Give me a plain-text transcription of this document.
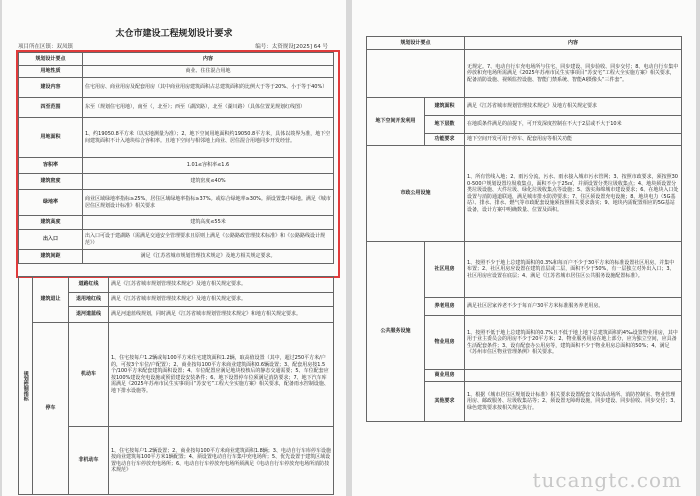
太仓市建设工程规划设计要求
项目所在区镇：双凤镇	编号：太资规设[2025] 64 号
规划设计要点	内容
用地性质	商业、住住混合用地
建设内容	住宅用房、商业用房及配套用房（其中商业用房建筑面积占总建筑面积的比例大于等于20%、小于等于40%）
四至范围	东至（规划住宅用地），南至（，北至）；西至（湖滨路），北至（湖川路）（具体位置见规划红线图）
用地面积	1、约19050.8平方米（以实地测量为准）；2、地下空间用地面积约19050.8平方米，具体以竣界为准，地下空间建筑面积不计入地块综合容积率。且地下空间与相邻地上商业、居住混合用地同步开发经营。
容积率	1.01≤容积率≤1.6
建筑密度	建筑密度≤40%
绿地率	商业区域绿地率指标≥25%，居住区域绿地率指标≥37%。或综合绿地率≥30%。须设置集中绿地。满足《城市居住区规划设计标准》相关要求
建筑高度	建筑高度≤55米
出入口	出入口可设于建湖路（需满足交通安全管理要求且原则上满足《公路路政管理技术标准》和《公路路线设计规范》）
建筑间距	满足《江苏省城市规划管理技术规定》及地方相关规定要求。
规划控制指标	建筑退让	道路红线	满足《江苏省城市规划管理技术规定》及地方相关规定要求。
		退用地红线	满足《江苏省城市规划管理技术规定》及地方相关规定要求。
		退河道蓝线	满足河道蓝线规划，同时满足《江苏省城市规划管理技术规定》和地方相关规定要求。
	停车	机动车	1、住宅按每户1.2辆或每100平方米住宅建筑面积1.2辆，取高值设置（其中，超过250平方米/户的，可按3个车位/户配置）；2、商业按每100平方米商业建筑面积0.6辆设置；3、配套用房按1.5个/100平方米配套建筑面积设置；4、车位配置应满足地块校核后的静态交通需要；5、车位配套应按100%建设充电设施或预留建设安装条件；6、地下设置停车位须满足消防要求；7、地下汽车库需满足《2025年苏州市民生实事项目“苏安宅”工程大全实施方案》相关要求，配备雨水控制设施、地下排水设施等。
		非机动车	1、住宅按每户1.2辆设置；2、商业按每100平方米商业建筑面积1.8辆；3、电动自行车库停车设施按商业建筑每100平方米1辆配置；4、须设置电动自行车集中充电场所；5、优先设置于建筑区域设置电动自行车停放充电场所；6、电动自行车停放充电场所须满足《电动自行车停放充电场所消防技术规范》
规划设计要点		内容
		无规定。7、电动自行车充电场所与住宅、同步建设、同步验收、同步交付；8、电动自行车集中停放和充电场所需满足《2025年苏州市民生实事项目“苏安宅”工程大全实施方案》相关要求，配备消防设施、视频监控设施、智能门禁系统、智能AI摄像头“三件套”。
地下空间开发利用	建筑面积	满足《江苏省城市规划管理技术规定》及地方相关规定要求
	地下层数	在地质条件满足的前提下，可开发深度控制在不大于2层或不大于10米
	功能要求	地下空间开发可用于停车、配套用房等相关功能
市政公用设施		1、所有管线入地；2、雨污分流，污水、雨水接入城市污水管网；3、按照市政要求，须按照300-500户规划设置垃圾收集点，面积不小于25㎡，并须设置分类垃圾收集点；4、地块须设置分类垃圾设施、大件垃圾、绿化垃圾收集点等设施；5、落实海绵城市建设要求；6、在地块入口处设置与消防通道联通，满足城市排水防涝要求；7、住区须设置充电设施；8、地块电力（5G基站）、排水、排水、燃气等市政配套设施须按照相关要求落实；9、地块内需配置相应的5G基站设备，设计方案中明确数量、位置及面积。
公共服务设施	社区用房	1、按照不少于地上总建筑面积的0.3%和每百户不少于30平方米的标准设置社区用房，并集中布置；2、社区用房应设置在建筑首层或二层，面积不少于50%，有一层独立对外出入口；3、社区用房应设置在底层；4、满足《江苏省城市居住区公共服务设施配置标准》。
	养老用房	满足社区居家养老不少于每百户30平方米标准服务养老用房。
	物业用房	1、按照不低于地上总建筑面积的0.7%且不低于地上地下总建筑面积的4‰设置物业用房，其中用于业主委员会的用房不少于20平方米；2、物业服务用房在地上部分，应为独立空间，应具备生活配套条件；3、设有配套办公用房等，建筑面积不少于物业用房总面积的50%；4、满足《苏州市住区物业管理条例》相关要求。
	商业用房	
	其他要求	1、根据《城市居住区规划设计标准》相关要求设置配套文体活动场所、消防控制室、物业管理用房、邮政服务、垃圾收集站等；2、须设置无障碍设施，同步建设、同步验收、同步交付；3、绿色建筑要求按相关规定执行。
tucangtc.com
